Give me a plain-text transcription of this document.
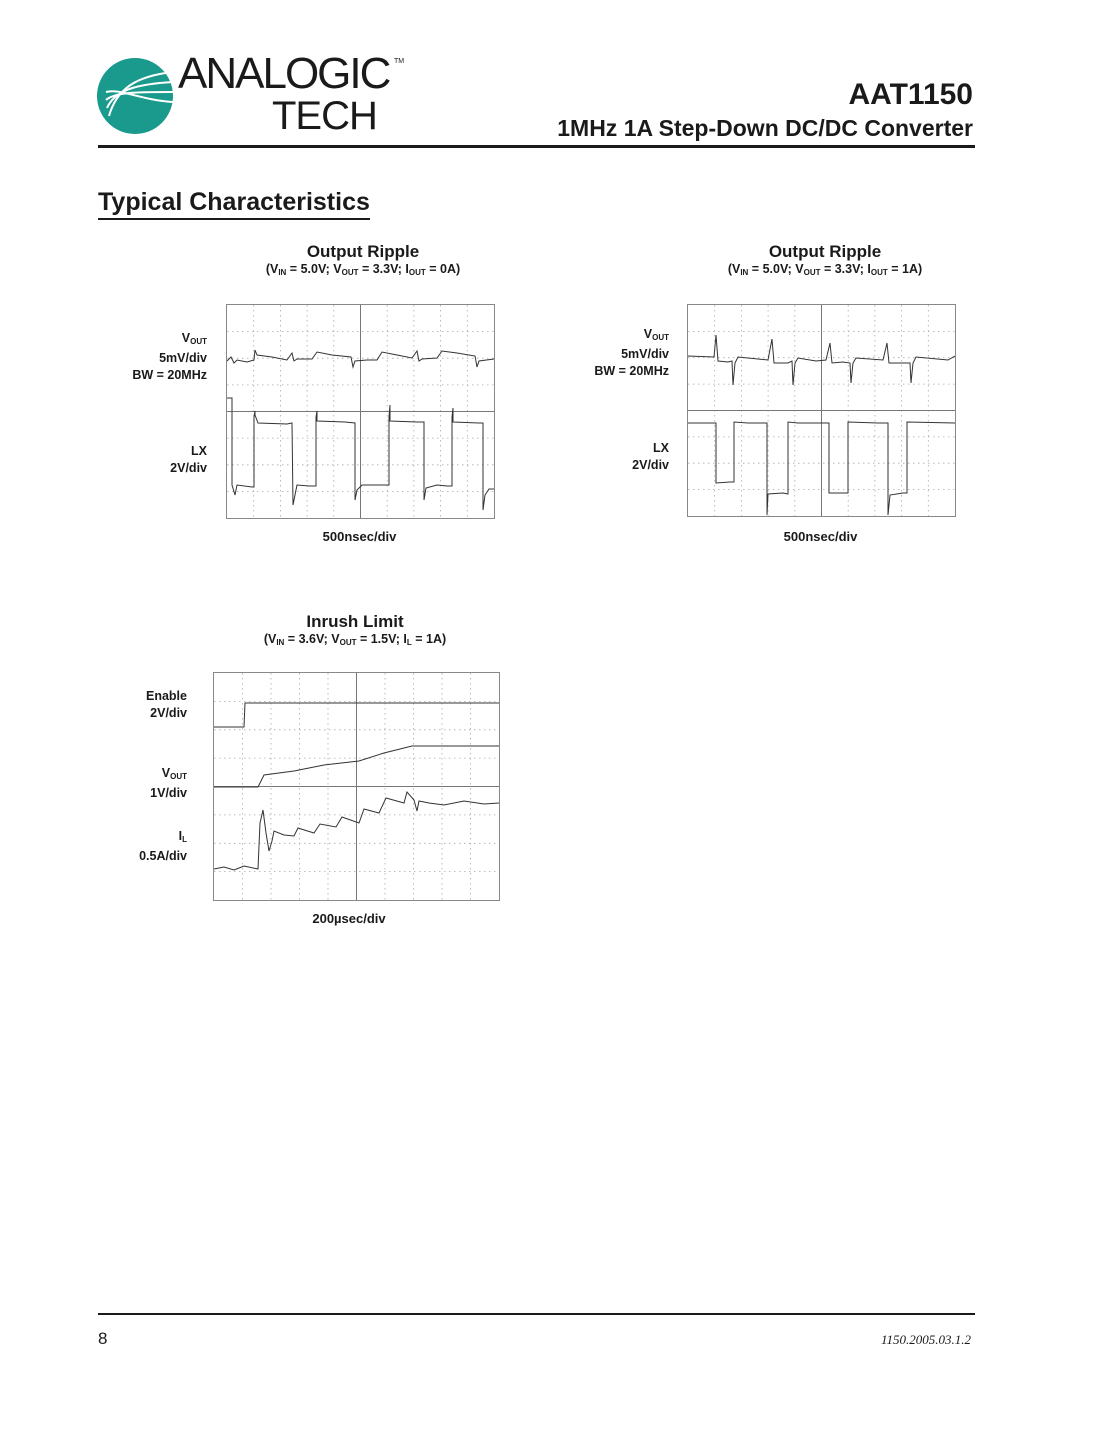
ANALOGIC
TECH
TM
AAT1150
1MHz 1A Step-Down DC/DC Converter
Typical Characteristics
Output Ripple
($V_{IN} = 5.0V$; $V_{OUT} = 3.3V$; $I_{OUT} = 0A$)
$V_{OUT}$
5mV/div
BW = 20MHz
LX
2V/div
500nsec/div
Output Ripple
($V_{IN} = 5.0V$; $V_{OUT} = 3.3V$; $I_{OUT} = 1A$)
$V_{OUT}$
5mV/div
BW = 20MHz
LX
2V/div
500nsec/div
Inrush Limit
($V_{IN} = 3.6V$; $V_{OUT} = 1.5V$; $I_L = 1A$)
Enable
2V/div
$V_{OUT}$
1V/div
$I_L$
0.5A/div
200µsec/div
8	1150.2005.03.1.2
